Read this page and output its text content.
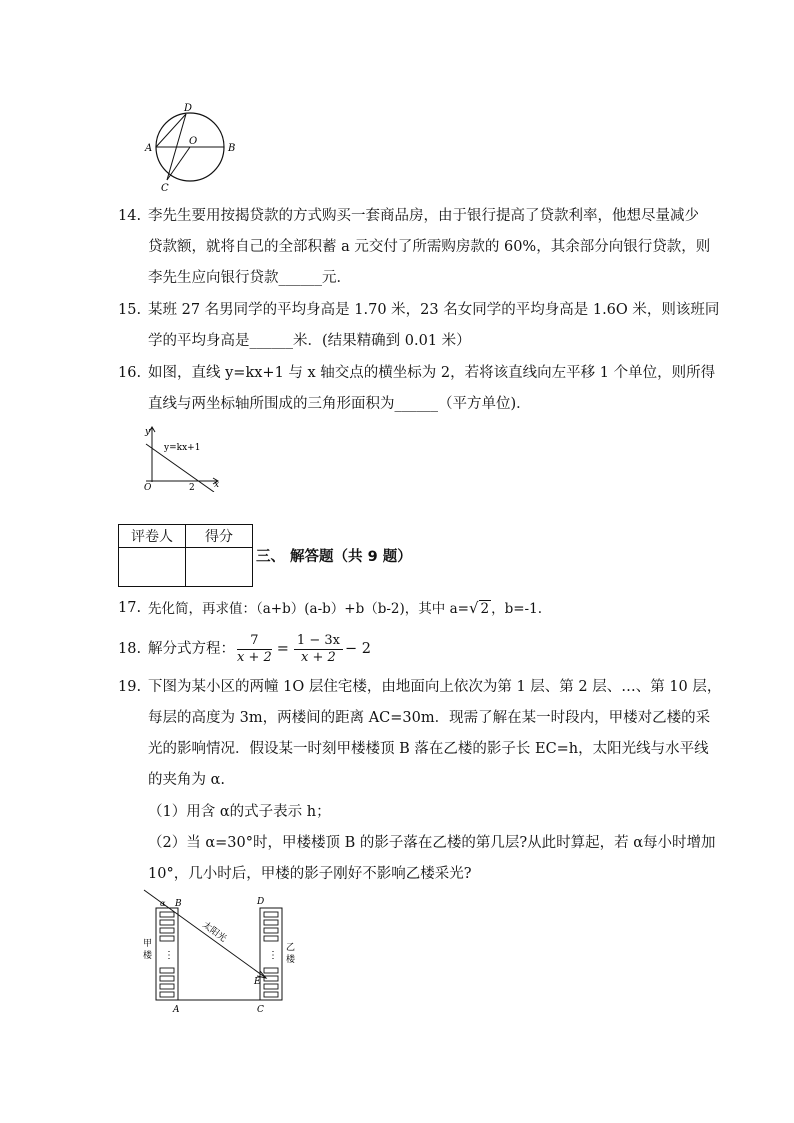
D
A
O
B
C
14. 李先生要用按揭贷款的方式购买一套商品房，由于银行提高了贷款利率，他想尽量减少
贷款额，就将自己的全部积蓄 a 元交付了所需购房款的 60%，其余部分向银行贷款，则
李先生应向银行贷款______元．
15. 某班 27 名男同学的平均身高是 1.70 米，23 名女同学的平均身高是 1.6O 米，则该班同
学的平均身高是______米．(结果精确到 0.01 米）
16. 如图，直线 y=kx+1 与 x 轴交点的横坐标为 2，若将该直线向左平移 1 个单位，则所得
直线与两坐标轴所围成的三角形面积为______（平方单位)．
y
y=kx+1
O	2 x
评卷人	得分

三、 解答题（共 9 题）
17. 先化简，再求值：（a+b）(a-b）+b（b-2)，其中 a=√ 2 ，b=-1.
18. 解分式方程： $\frac{7}{x + 2} = \frac{1 - 3x}{x + 2} - 2$
19. 下图为某小区的两幢 1O 层住宅楼，由地面向上依次为第 1 层、第 2 层、…、第 10 层，
每层的高度为 3m，两楼间的距离 AC=30m．现需了解在某一时段内，甲楼对乙楼的采
光的影响情况．假设某一时刻甲楼楼顶 B 落在乙楼的影子长 EC=h，太阳光线与水平线
的夹角为 α.
（1）用含 α的式子表示 h；
（2）当 α=30°时，甲楼楼顶 B 的影子落在乙楼的第几层?从此时算起，若 α每小时增加
10°，几小时后，甲楼的影子刚好不影响乙楼采光?
α B	D
太阳光
甲
楼
乙
楼
⋮	⋮
E
A	C
